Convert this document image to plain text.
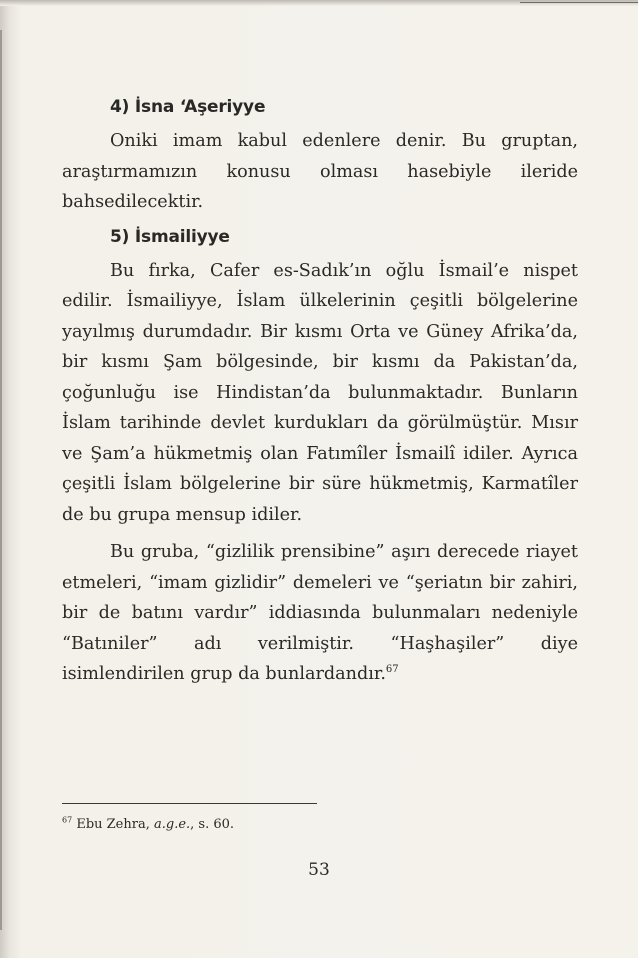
4) İsna ‘Aşeriyye

Oniki imam kabul edenlere denir. Bu gruptan, araştırmamızın konusu olması hasebiyle ileride bahsedilecektir.

5) İsmailiyye

Bu fırka, Cafer es-Sadık’ın oğlu İsmail’e nispet edilir. İsmailiyye, İslam ülkelerinin çeşitli bölgelerine yayılmış durumdadır. Bir kısmı Orta ve Güney Afrika’da, bir kısmı Şam bölgesinde, bir kısmı da Pakistan’da, çoğunluğu ise Hindistan’da bulunmaktadır. Bunların İslam tarihinde devlet kurdukları da görülmüştür. Mısır ve Şam’a hükmetmiş olan Fatımîler İsmailî idiler. Ayrıca çeşitli İslam bölgelerine bir süre hükmetmiş, Karmatîler de bu grupa mensup idiler.

Bu gruba, “gizlilik prensibine” aşırı derecede riayet etmeleri, “imam gizlidir” demeleri ve “şeriatın bir zahiri, bir de batını vardır” iddiasında bulunmaları nedeniyle “Batıniler” adı verilmiştir. “Haşhaşiler” diye isimlendirilen grup da bunlardandır.$^{67}$

$^{67}$ Ebu Zehra, a.g.e., s. 60.
53
